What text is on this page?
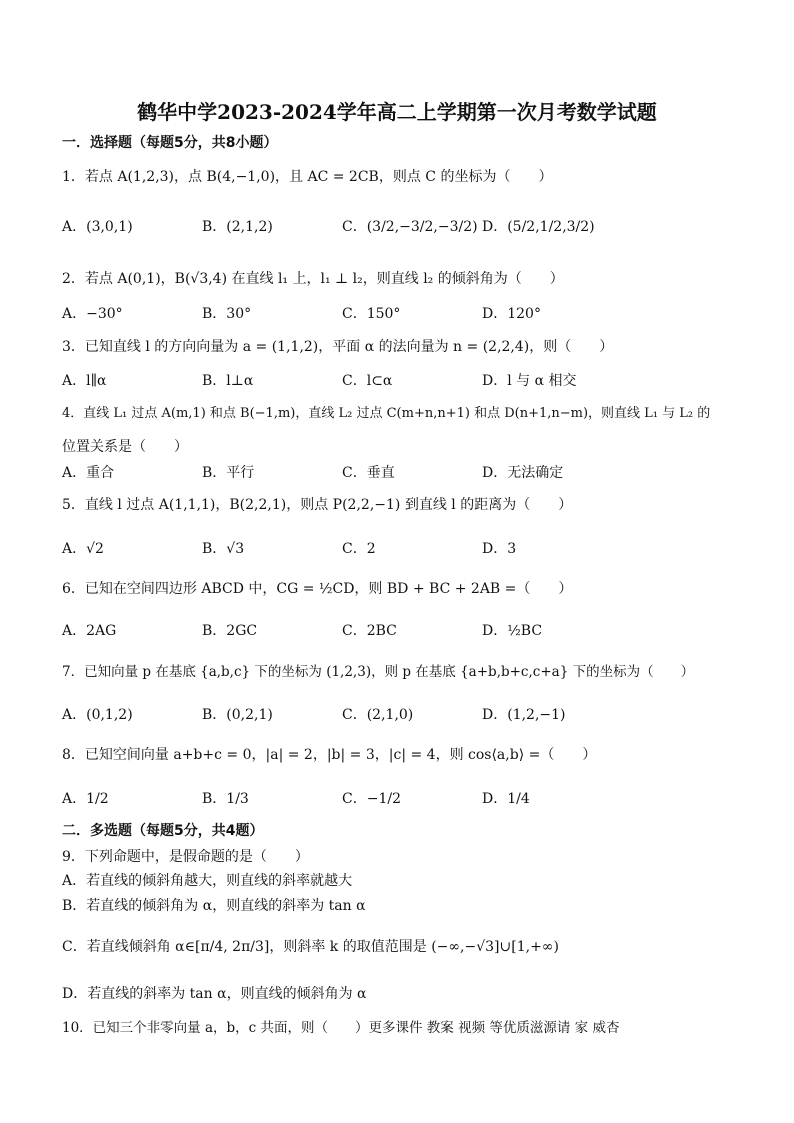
鹤华中学2023-2024学年高二上学期第一次月考数学试题
一．选择题（每题5分，共8小题）
1．若点 A(1,2,3)，点 B(4,−1,0)，且 AC = 2CB，则点 C 的坐标为（　　）
A．(3,0,1)	B．(2,1,2)	C．(3/2,−3/2,−3/2) D．(5/2,1/2,3/2)
2．若点 A(0,1)，B(√3,4) 在直线 l₁ 上，l₁ ⊥ l₂，则直线 l₂ 的倾斜角为（　　）
A．−30°	B．30°	C．150°	D．120°
3．已知直线 l 的方向向量为 a = (1,1,2)，平面 α 的法向量为 n = (2,2,4)，则（　　）
A．l∥α	B．l⊥α	C．l⊂α	D．l 与 α 相交
4．直线 L₁ 过点 A(m,1) 和点 B(−1,m)，直线 L₂ 过点 C(m+n,n+1) 和点 D(n+1,n−m)，则直线 L₁ 与 L₂ 的
位置关系是（　　）
A．重合	B．平行	C．垂直	D．无法确定
5．直线 l 过点 A(1,1,1)，B(2,2,1)，则点 P(2,2,−1) 到直线 l 的距离为（　　）
A．√2	B．√3	C．2	D．3
6．已知在空间四边形 ABCD 中，CG = ½CD，则 BD + BC + 2AB =（　　）
A．2AG	B．2GC	C．2BC	D．½BC
7．已知向量 p 在基底 {a,b,c} 下的坐标为 (1,2,3)，则 p 在基底 {a+b,b+c,c+a} 下的坐标为（　　）
A．(0,1,2)	B．(0,2,1)	C．(2,1,0)	D．(1,2,−1)
8．已知空间向量 a+b+c = 0，|a| = 2，|b| = 3，|c| = 4，则 cos⟨a,b⟩ =（　　）
A．1/2	B．1/3	C．−1/2	D．1/4
二．多选题（每题5分，共4题）
9．下列命题中，是假命题的是（　　）
A．若直线的倾斜角越大，则直线的斜率就越大
B．若直线的倾斜角为 α，则直线的斜率为 tan α
C．若直线倾斜角 α∈[π/4, 2π/3]，则斜率 k 的取值范围是 (−∞,−√3]∪[1,+∞)
D．若直线的斜率为 tan α，则直线的倾斜角为 α
10．已知三个非零向量 a，b，c 共面，则（　　）更多课件 教案 视频 等优质滋源请 家 威杏
